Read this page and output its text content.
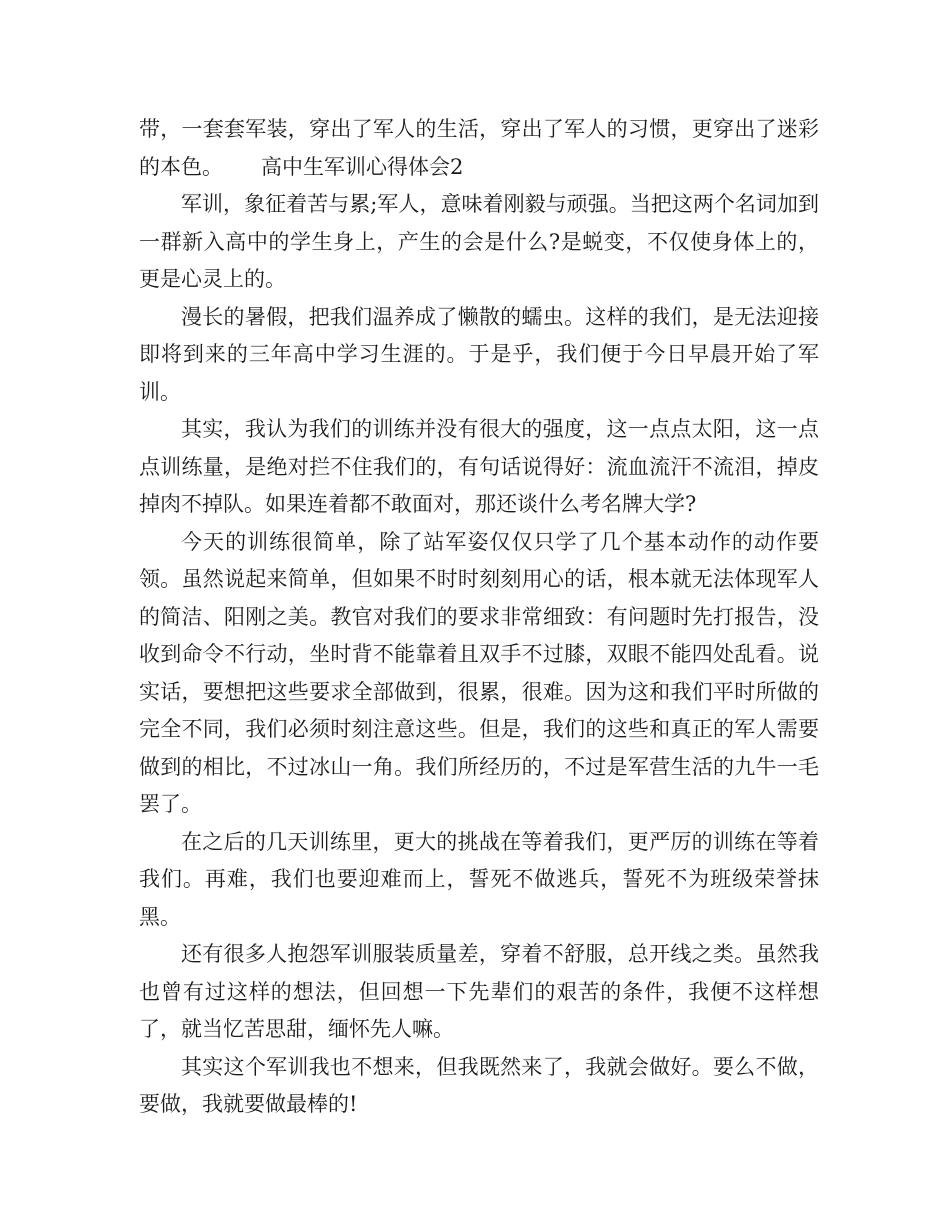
带，一套套军装，穿出了军人的生活，穿出了军人的习惯，更穿出了迷彩的本色。 高中生军训心得体会2

军训，象征着苦与累;军人，意味着刚毅与顽强。当把这两个名词加到一群新入高中的学生身上，产生的会是什么?是蜕变，不仅使身体上的，更是心灵上的。

漫长的暑假，把我们温养成了懒散的蠕虫。这样的我们，是无法迎接即将到来的三年高中学习生涯的。于是乎，我们便于今日早晨开始了军训。

其实，我认为我们的训练并没有很大的强度，这一点点太阳，这一点点训练量，是绝对拦不住我们的，有句话说得好：流血流汗不流泪，掉皮掉肉不掉队。如果连着都不敢面对，那还谈什么考名牌大学?

今天的训练很简单，除了站军姿仅仅只学了几个基本动作的动作要领。虽然说起来简单，但如果不时时刻刻用心的话，根本就无法体现军人的简洁、阳刚之美。教官对我们的要求非常细致：有问题时先打报告，没收到命令不行动，坐时背不能靠着且双手不过膝，双眼不能四处乱看。说实话，要想把这些要求全部做到，很累，很难。因为这和我们平时所做的完全不同，我们必须时刻注意这些。但是，我们的这些和真正的军人需要做到的相比，不过冰山一角。我们所经历的，不过是军营生活的九牛一毛罢了。

在之后的几天训练里，更大的挑战在等着我们，更严厉的训练在等着我们。再难，我们也要迎难而上，誓死不做逃兵，誓死不为班级荣誉抹黑。

还有很多人抱怨军训服装质量差，穿着不舒服，总开线之类。虽然我也曾有过这样的想法，但回想一下先辈们的艰苦的条件，我便不这样想了，就当忆苦思甜，缅怀先人嘛。

其实这个军训我也不想来，但我既然来了，我就会做好。要么不做，要做，我就要做最棒的!
